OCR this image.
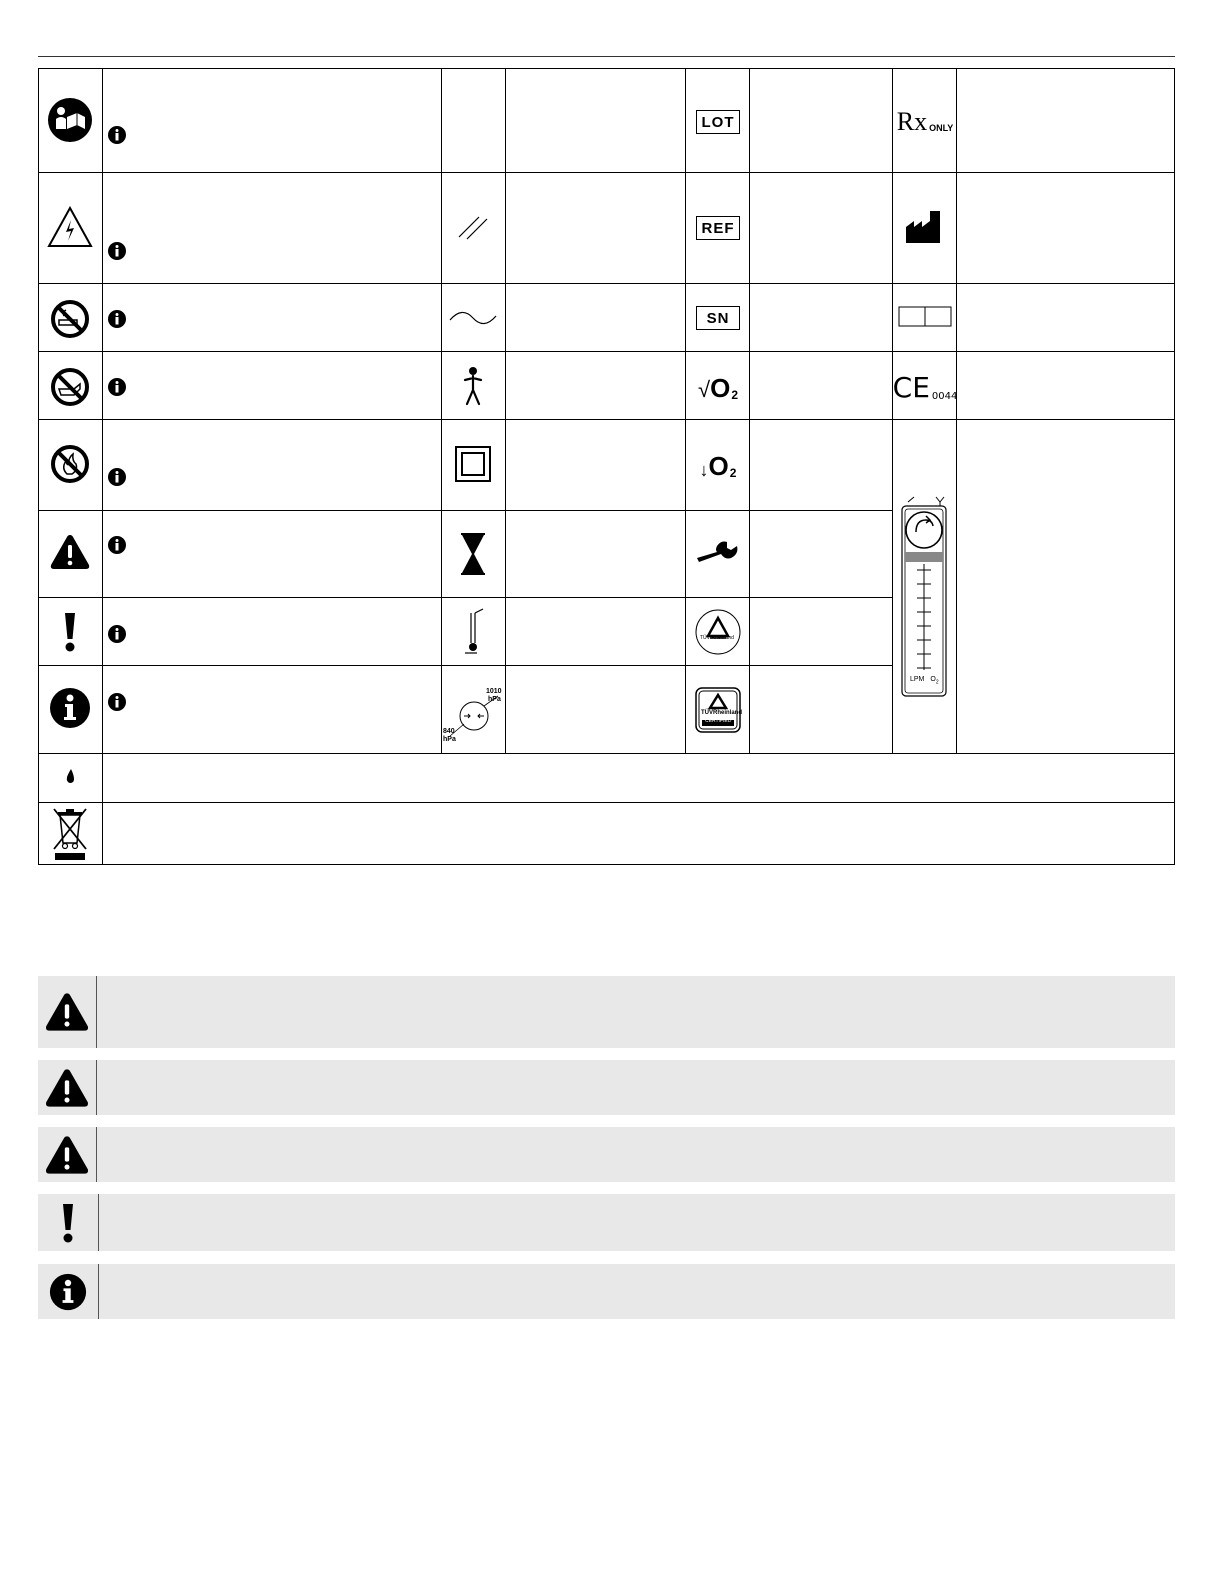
1010
hPa
840
hPa
LOT
REF
SN
√ $O_2$
↓ $O_2$
TÜV Rheinland
TÜVRheinland
CERTIFIED
Rx ONLY
CE 0044
LPM $O_2$
